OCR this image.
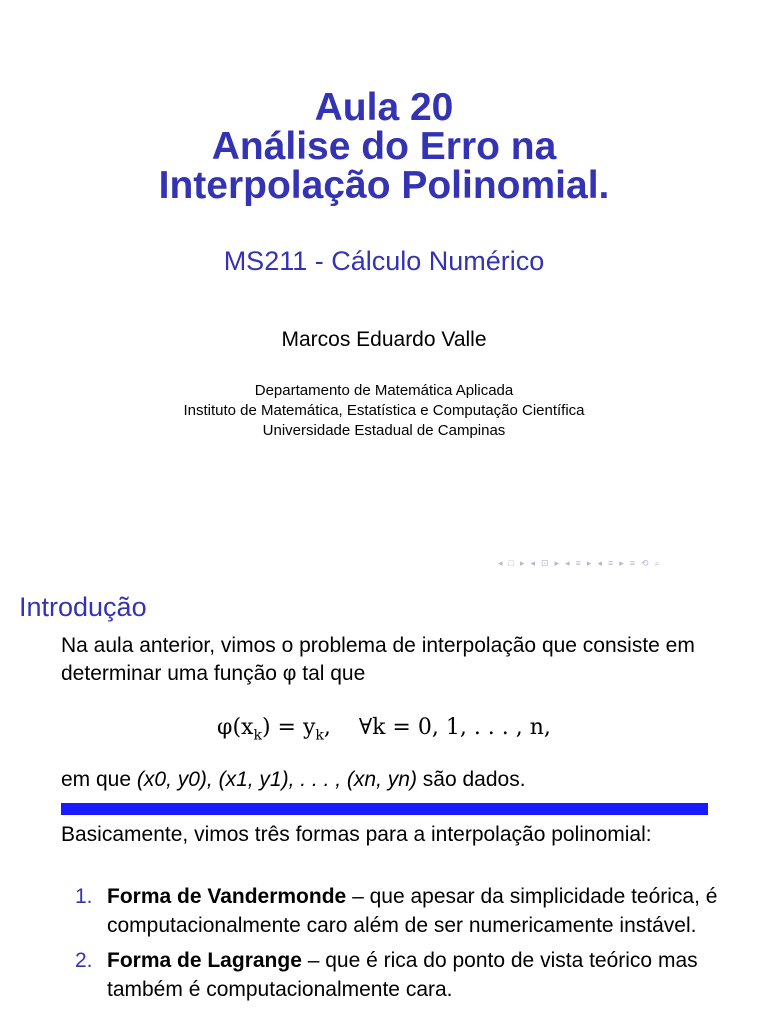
Aula 20
Análise do Erro na
Interpolação Polinomial.
MS211 - Cálculo Numérico
Marcos Eduardo Valle
Departamento de Matemática Aplicada
Instituto de Matemática, Estatística e Computação Científica
Universidade Estadual de Campinas
◂ □ ▸ ◂ ⊡ ▸ ◂ ≡ ▸ ◂ ≡ ▸ ≡ ⟲ ⌕
Introdução
Na aula anterior, vimos o problema de interpolação que consiste em determinar uma função φ tal que
$\varphi(x_k) = y_k$,    ∀k = 0, 1, . . . , n,
em que (x0, y0), (x1, y1), . . . , (xn, yn) são dados.
Basicamente, vimos três formas para a interpolação polinomial:
1. Forma de Vandermonde – que apesar da simplicidade teórica, é computacionalmente caro além de ser numericamente instável.
2. Forma de Lagrange – que é rica do ponto de vista teórico mas também é computacionalmente cara.
